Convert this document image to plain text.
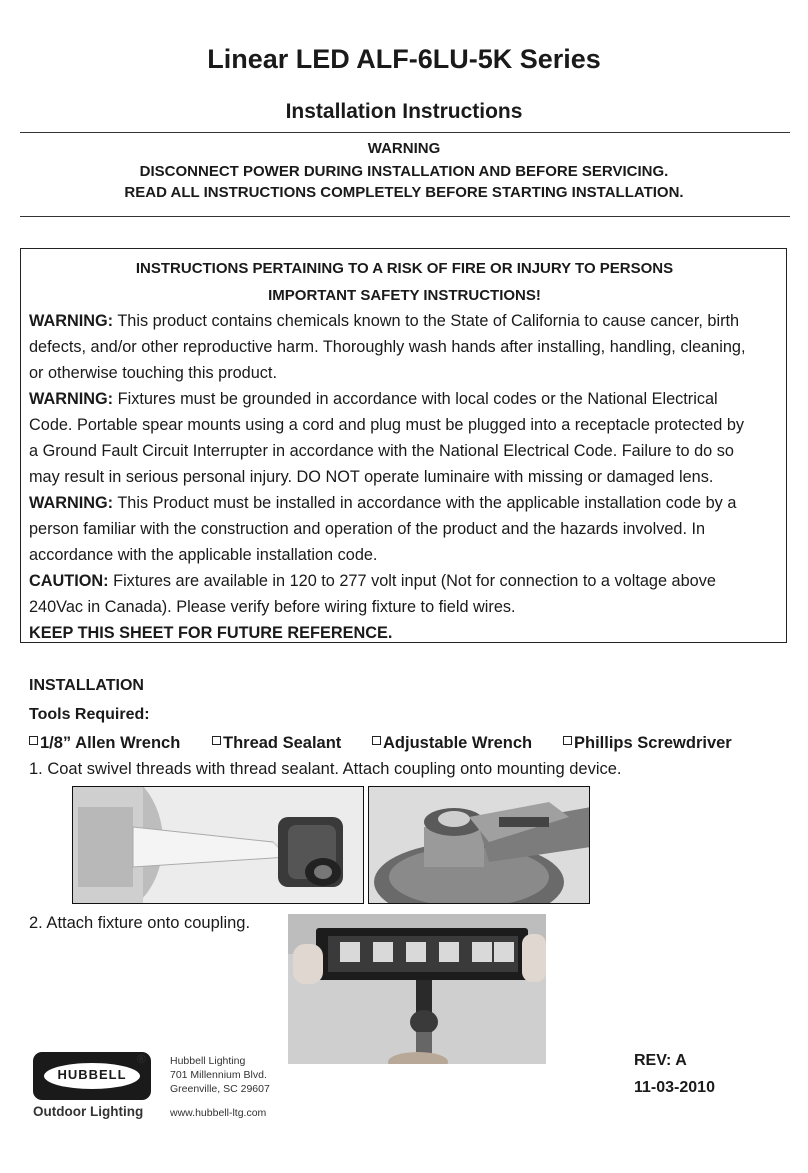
Linear LED ALF-6LU-5K Series
Installation Instructions
WARNING
DISCONNECT POWER DURING INSTALLATION AND BEFORE SERVICING.
READ ALL INSTRUCTIONS COMPLETELY BEFORE STARTING INSTALLATION.
INSTRUCTIONS PERTAINING TO A RISK OF FIRE OR INJURY TO PERSONS
IMPORTANT SAFETY INSTRUCTIONS!
WARNING: This product contains chemicals known to the State of California to cause cancer, birth
defects, and/or other reproductive harm. Thoroughly wash hands after installing, handling, cleaning,
or otherwise touching this product.
WARNING: Fixtures must be grounded in accordance with local codes or the National Electrical
Code. Portable spear mounts using a cord and plug must be plugged into a receptacle protected by
a Ground Fault Circuit Interrupter in accordance with the National Electrical Code. Failure to do so
may result in serious personal injury. DO NOT operate luminaire with missing or damaged lens.
WARNING: This Product must be installed in accordance with the applicable installation code by a
person familiar with the construction and operation of the product and the hazards involved. In
accordance with the applicable installation code.
CAUTION: Fixtures are available in 120 to 277 volt input (Not for connection to a voltage above
240Vac in Canada). Please verify before wiring fixture to field wires.
KEEP THIS SHEET FOR FUTURE REFERENCE.
INSTALLATION
Tools Required:
1/8” Allen Wrench	Thread Sealant	Adjustable Wrench	Phillips Screwdriver
1. Coat swivel threads with thread sealant. Attach coupling onto mounting device.
2. Attach fixture onto coupling.
HUBBELL
®
Outdoor Lighting
Hubbell Lighting
701 Millennium Blvd.
Greenville, SC 29607
www.hubbell-ltg.com
REV: A
11-03-2010
